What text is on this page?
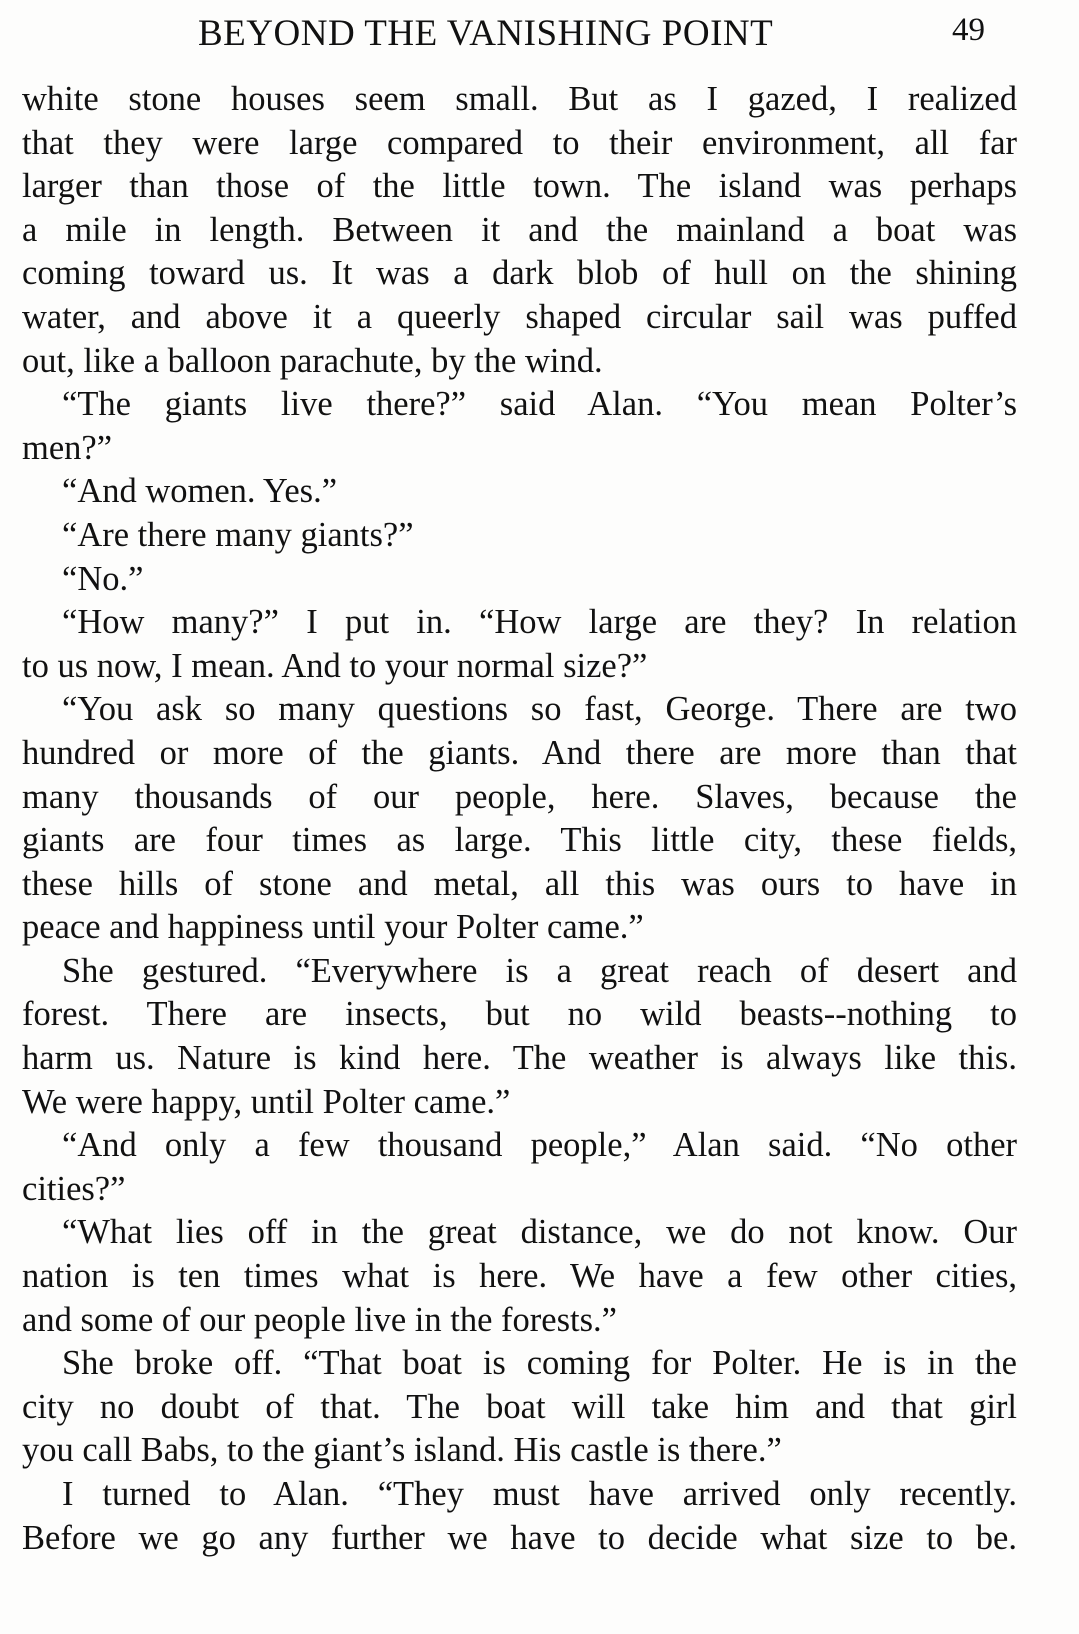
BEYOND THE VANISHING POINT	49
white stone houses seem small. But as I gazed, I realized
that they were large compared to their environment, all far
larger than those of the little town. The island was perhaps
a mile in length. Between it and the mainland a boat was
coming toward us. It was a dark blob of hull on the shining
water, and above it a queerly shaped circular sail was puffed
out, like a balloon parachute, by the wind.
“The giants live there?” said Alan. “You mean Polter’s
men?”
“And women. Yes.”
“Are there many giants?”
“No.”
“How many?” I put in. “How large are they? In relation
to us now, I mean. And to your normal size?”
“You ask so many questions so fast, George. There are two
hundred or more of the giants. And there are more than that
many thousands of our people, here. Slaves, because the
giants are four times as large. This little city, these fields,
these hills of stone and metal, all this was ours to have in
peace and happiness until your Polter came.”
She gestured. “Everywhere is a great reach of desert and
forest. There are insects, but no wild beasts--nothing to
harm us. Nature is kind here. The weather is always like this.
We were happy, until Polter came.”
“And only a few thousand people,” Alan said. “No other
cities?”
“What lies off in the great distance, we do not know. Our
nation is ten times what is here. We have a few other cities,
and some of our people live in the forests.”
She broke off. “That boat is coming for Polter. He is in the
city no doubt of that. The boat will take him and that girl
you call Babs, to the giant’s island. His castle is there.”
I turned to Alan. “They must have arrived only recently.
Before we go any further we have to decide what size to be.
